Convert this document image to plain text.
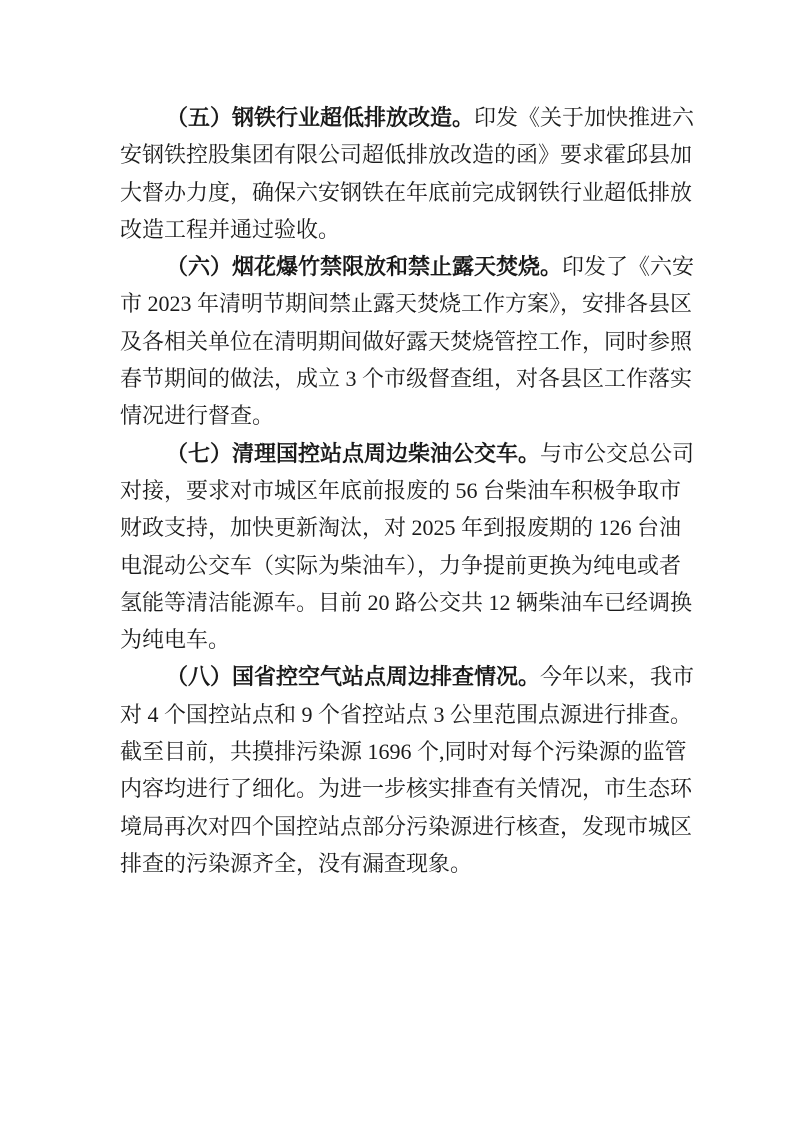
（五）钢铁行业超低排放改造。印发《关于加快推进六
安钢铁控股集团有限公司超低排放改造的函》要求霍邱县加
大督办力度，确保六安钢铁在年底前完成钢铁行业超低排放
改造工程并通过验收。
（六）烟花爆竹禁限放和禁止露天焚烧。印发了《六安
市 2023 年清明节期间禁止露天焚烧工作方案》，安排各县区
及各相关单位在清明期间做好露天焚烧管控工作，同时参照
春节期间的做法，成立 3 个市级督查组，对各县区工作落实
情况进行督查。
（七）清理国控站点周边柴油公交车。与市公交总公司
对接，要求对市城区年底前报废的 56 台柴油车积极争取市
财政支持，加快更新淘汰，对 2025 年到报废期的 126 台油
电混动公交车（实际为柴油车），力争提前更换为纯电或者
氢能等清洁能源车。目前 20 路公交共 12 辆柴油车已经调换
为纯电车。
（八）国省控空气站点周边排查情况。今年以来，我市
对 4 个国控站点和 9 个省控站点 3 公里范围点源进行排查。
截至目前，共摸排污染源 1696 个,同时对每个污染源的监管
内容均进行了细化。为进一步核实排查有关情况，市生态环
境局再次对四个国控站点部分污染源进行核查，发现市城区
排查的污染源齐全，没有漏查现象。
